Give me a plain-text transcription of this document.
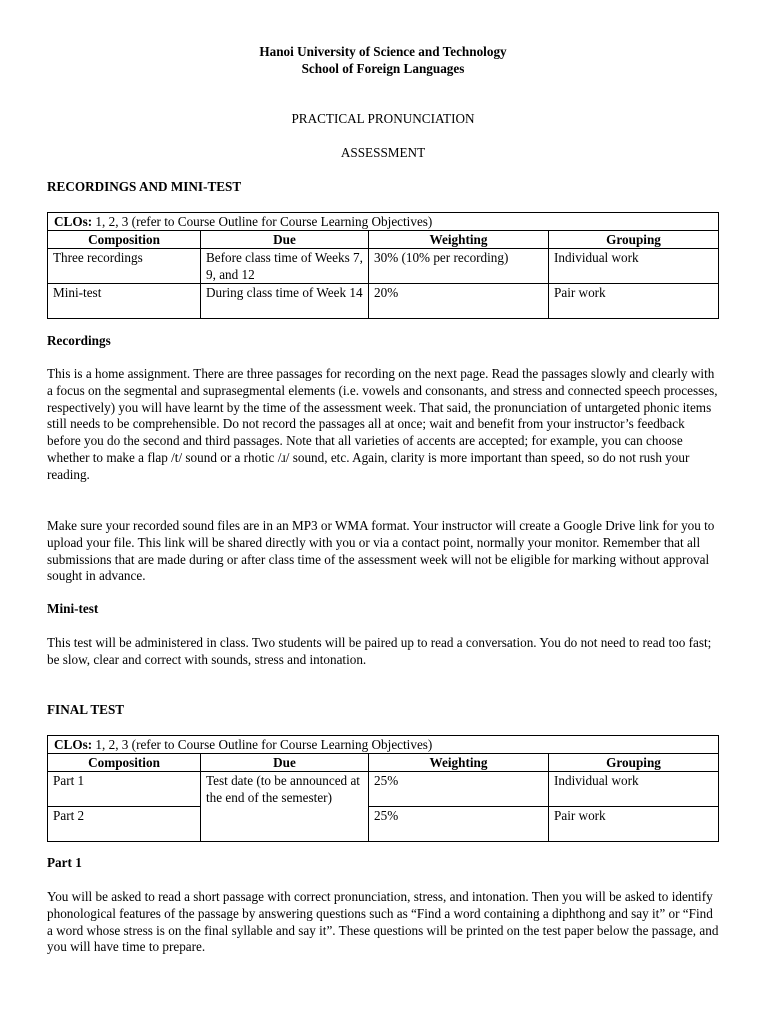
Hanoi University of Science and Technology
School of Foreign Languages
PRACTICAL PRONUNCIATION
ASSESSMENT
RECORDINGS AND MINI-TEST
CLOs: 1, 2, 3 (refer to Course Outline for Course Learning Objectives)			
Composition	Due	Weighting	Grouping
Three recordings	Before class time of Weeks 7, 9, and 12	30% (10% per recording)	Individual work
Mini-test	During class time of Week 14	20%	Pair work
Recordings
This is a home assignment. There are three passages for recording on the next page. Read the passages slowly and clearly with a focus on the segmental and suprasegmental elements (i.e. vowels and consonants, and stress and connected speech processes, respectively) you will have learnt by the time of the assessment week. That said, the pronunciation of untargeted phonic items still needs to be comprehensible. Do not record the passages all at once; wait and benefit from your instructor’s feedback before you do the second and third passages. Note that all varieties of accents are accepted; for example, you can choose whether to make a flap /t/ sound or a rhotic /ɹ/ sound, etc. Again, clarity is more important than speed, so do not rush your reading.
Make sure your recorded sound files are in an MP3 or WMA format. Your instructor will create a Google Drive link for you to upload your file. This link will be shared directly with you or via a contact point, normally your monitor. Remember that all submissions that are made during or after class time of the assessment week will not be eligible for marking without approval sought in advance.
Mini-test
This test will be administered in class. Two students will be paired up to read a conversation. You do not need to read too fast; be slow, clear and correct with sounds, stress and intonation.
FINAL TEST
CLOs: 1, 2, 3 (refer to Course Outline for Course Learning Objectives)			
Composition	Due	Weighting	Grouping
Part 1	Test date (to be announced at the end of the semester)	25%	Individual work
Part 2		25%	Pair work
Part 1
You will be asked to read a short passage with correct pronunciation, stress, and intonation. Then you will be asked to identify phonological features of the passage by answering questions such as “Find a word containing a diphthong and say it” or “Find a word whose stress is on the final syllable and say it”. These questions will be printed on the test paper below the passage, and you will have time to prepare.
